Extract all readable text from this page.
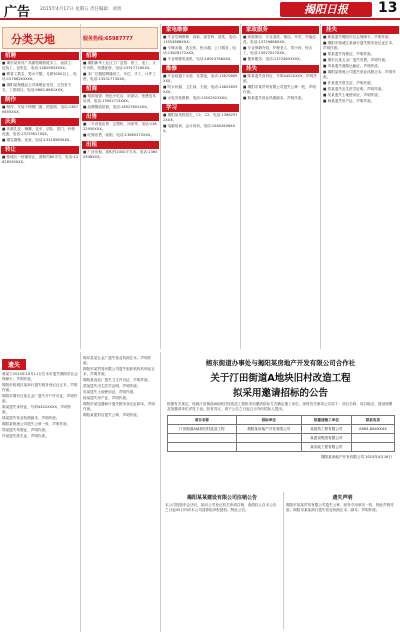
广告 2015年4月17日 星期五 责任编辑：刘勇	揭阳日报	13
分类天地	服务热线:65987777
招聘
■ 揭东某家具厂高薪招聘熟练木工、油漆工、包装工，包吃住，电话:13829633XXX。
■ 聘普工数名，男女不限，月薪3000以上，电话:15766263XXX。
■ 揭阳某保健品公司诚聘业务员、文员若干名，工资面议，电话:0663-8661XXX。
制作
■ 制作、安装不锈钢门窗、防盗网，电话:13670655XXX。
庆典
■ 庆典礼仪：舞狮、花车、乐队、拱门，价格优惠，电话:13729617XXX。
■ 婚礼摄像、化妆，电话:13318985XXX。
转让
■ 榕城区一旺铺转让，面积约80平方，电话:13826539XXX。
招聘
■ 揭阳新华工业区工厂急招：普工、电工、叉车司机，待遇优厚，电话:15917716XXX。
■ 本厂长期招聘缝纫工、车位、手工，计件工资，电话:13531773XXX。
招商
■ 招商加盟：特色小吃店、奶茶店，免费技术培训，电话:13902713XXX。
■ 品牌服装招商，电话:18927602XXX。
出售
■ 二手设备出售：注塑机、冲床等，电话:13822950XXX。
■ 旺铺出售，临街，电话:13680375XXX。
出租
■ 厂房出租，面积约2000平方米，电话:13602948XXX。
家电维修
■ 专业空调维修：拆装、加雪种、清洗，电话:13553888XXX。
■ 专修冰箱、洗衣机、热水器，上门服务，电话:13828172XXX。
■ 专业维修电视机，电话:18923766XXX。
维修
■ 专业疏通下水道、化粪池，电话:13670669XXX。
■ 防水补漏、卫生间、天面，电话:13825659XXX。
■ 水电安装维修，电话:13502923XXX。
学习
■ 揭阳某驾校招生，C1、C2，电话:13682972XXX。
■ 电脑培训、会计培训，电话:15602606XXX。
家政服务
■ 家政保洁：专业清洗、保洁、开荒、外墙清洗，电话:13729668XXX。
■ 专业保姆介绍，护理老人、带小孩、钟点工，电话:13927027XXX。
■ 搬家服务，电话:13724603XXX。
挂失
■ 陈某遗失身份证，号码4452XXXX，声明作废。
■ 揭阳市某贸易有限公司遗失公章一枚，声明作废。
■ 林某遗失营业执照副本，声明作废。
挂失
■ 黄某遗失揭阳市社会保障卡，声明作废。
■ 揭阳市榕城区某商行遗失税务登记证正本，声明作废。
■ 郑某遗失驾驶证，声明作废。
■ 揭东区某五金厂遗失发票，声明作废。
■ 李某遗失道路运输证，声明作废。
■ 揭阳某物流公司遗失营业执照正本，声明作废。
■ 许某遗失准生证，声明作废。
■ 蔡某遗失出生医学证明，声明作废。
■ 吴某遗失土地使用证，声明作废。
■ 杨某遗失房产证，声明作废。
遗失

黄某于2014年10月11日在本市遗失揭阳市社会保障卡，声明作废。

揭阳市榕城区某商行遗失税务登记证正本，声明作废。

揭阳市揭东区某五金厂遗失开户许可证，声明作废。

陈某遗失身份证，号码4452XXXX，声明作废。

林某遗失营业执照副本，声明作废。

揭阳某物流公司遗失公章一枚，声明作废。

郑某遗失驾驶证，声明作废。

许某遗失准生证，声明作废。

揭东县某五金厂遗失营业执照正本，声明作废。

揭阳市某贸易有限公司遗失组织机构代码证正本，声明作废。

揭阳某食品厂遗失卫生许可证，声明作废。

蔡某遗失出生医学证明，声明作废。

吴某遗失土地使用证，声明作废。

杨某遗失房产证，声明作废。

揭阳市某电器商行遗失税务登记证副本，声明作废。

揭阳某建材店遗失公章，声明作废。

榕东街道办事处与揭阳某房地产开发有限公司合作社
关于汀田街道A地块旧村改造工程
拟采用邀请招标的公告
根据有关规定，现就汀田街道A地块旧村改造工程拟采用邀请招标方式确定施工单位，现将有关事项公告如下：项目名称、项目地点、建设规模及拟邀请单位详见下表。如有异议，请于公告之日起五日内向招标人提出。
项目名称	招标单位	拟邀请施工单位	联系电话
汀田街道A地块旧村改造工程	揭阳某房地产开发有限公司	某建筑工程有限公司	0663-8XXXXXX
		某建设集团有限公司	
		某市政工程有限公司	
揭阳某房地产开发有限公司 2015年4月16日
揭阳某某建设有限公司注销公告
本公司经股东会决议，拟向公司登记机关申请注销，请债权人自本公告之日起45日内向本公司清算组申报债权。特此公告。
遗失声明
揭阳市某某贸易有限公司遗失公章、财务专用章各一枚，特此声明作废。揭阳市某某商行遗失营业执照正本、副本，声明作废。
